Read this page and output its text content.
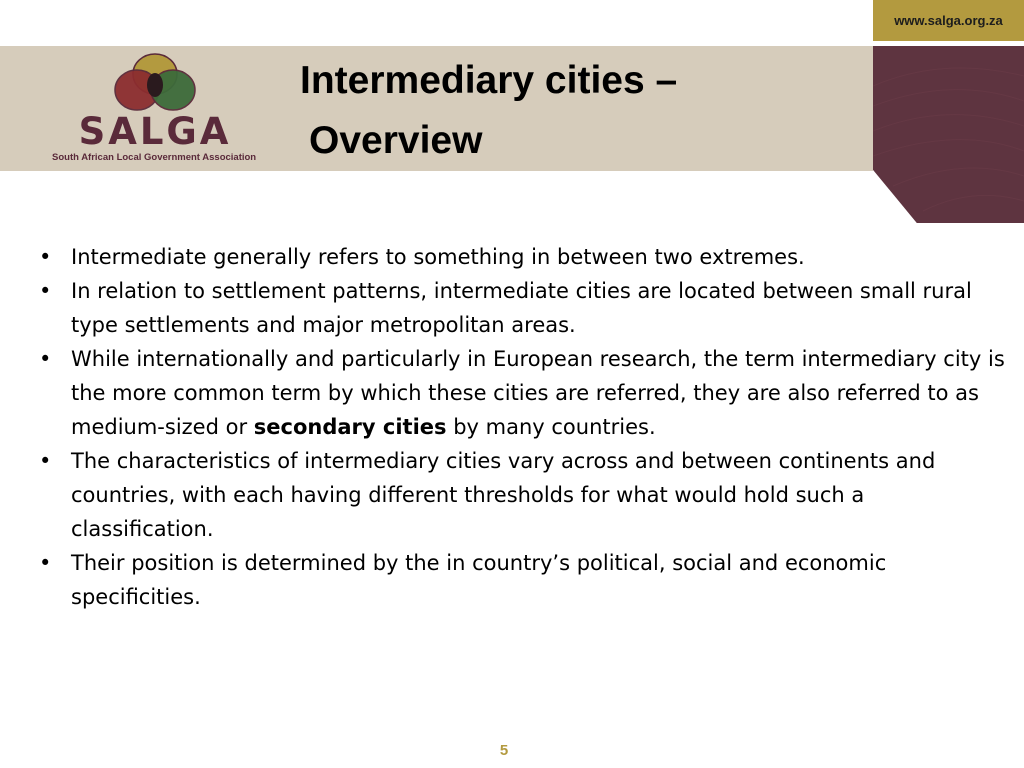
www.salga.org.za
SALGA
South African Local Government Association
Intermediary cities –
Overview
• Intermediate generally refers to something in between two extremes.
• In relation to settlement patterns, intermediate cities are located between small rural type settlements and major metropolitan areas.
• While internationally and particularly in European research, the term intermediary city is the more common term by which these cities are referred, they are also referred to as medium-sized or secondary cities by many countries.
• The characteristics of intermediary cities vary across and between continents and countries, with each having different thresholds for what would hold such a classification.
• Their position is determined by the in country’s political, social and economic specificities.
5
